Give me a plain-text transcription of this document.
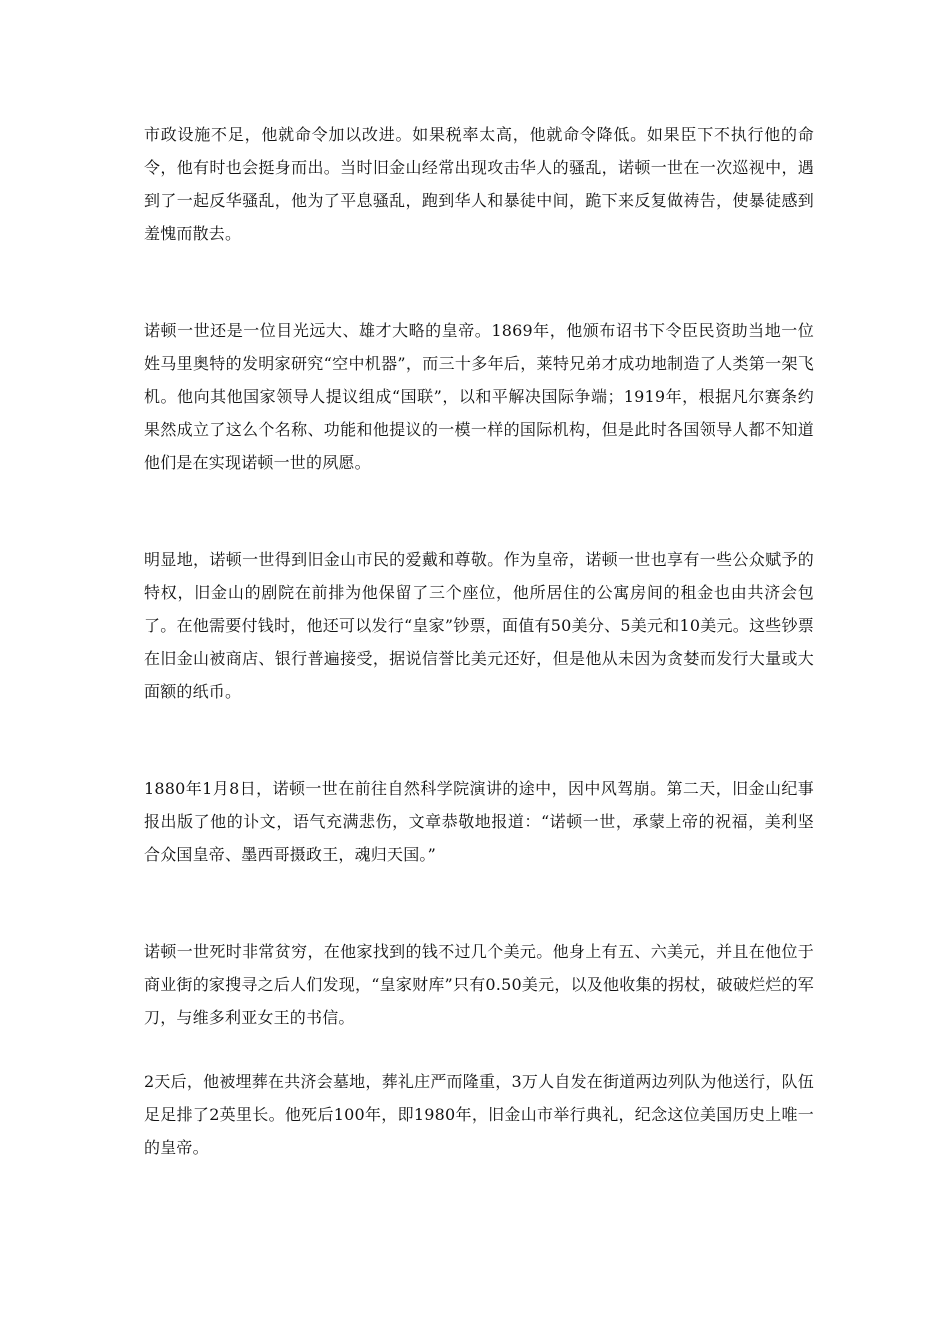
市政设施不足，他就命令加以改进。如果税率太高，他就命令降低。如果臣下不执行他的命令，他有时也会挺身而出。当时旧金山经常出现攻击华人的骚乱，诺顿一世在一次巡视中，遇到了一起反华骚乱，他为了平息骚乱，跑到华人和暴徒中间，跪下来反复做祷告，使暴徒感到羞愧而散去。

诺顿一世还是一位目光远大、雄才大略的皇帝。1869年，他颁布诏书下令臣民资助当地一位姓马里奥特的发明家研究“空中机器”，而三十多年后，莱特兄弟才成功地制造了人类第一架飞机。他向其他国家领导人提议组成“国联”，以和平解决国际争端；1919年，根据凡尔赛条约果然成立了这么个名称、功能和他提议的一模一样的国际机构，但是此时各国领导人都不知道他们是在实现诺顿一世的夙愿。

明显地，诺顿一世得到旧金山市民的爱戴和尊敬。作为皇帝，诺顿一世也享有一些公众赋予的特权，旧金山的剧院在前排为他保留了三个座位，他所居住的公寓房间的租金也由共济会包了。在他需要付钱时，他还可以发行“皇家”钞票，面值有50美分、5美元和10美元。这些钞票在旧金山被商店、银行普遍接受，据说信誉比美元还好，但是他从未因为贪婪而发行大量或大面额的纸币。

1880年1月8日，诺顿一世在前往自然科学院演讲的途中，因中风驾崩。第二天，旧金山纪事报出版了他的讣文，语气充满悲伤，文章恭敬地报道：“诺顿一世，承蒙上帝的祝福，美利坚合众国皇帝、墨西哥摄政王，魂归天国。”

诺顿一世死时非常贫穷，在他家找到的钱不过几个美元。他身上有五、六美元，并且在他位于商业街的家搜寻之后人们发现，“皇家财库”只有0.50美元，以及他收集的拐杖，破破烂烂的军刀，与维多利亚女王的书信。

2天后，他被埋葬在共济会墓地，葬礼庄严而隆重，3万人自发在街道两边列队为他送行，队伍足足排了2英里长。他死后100年，即1980年，旧金山市举行典礼，纪念这位美国历史上唯一的皇帝。
